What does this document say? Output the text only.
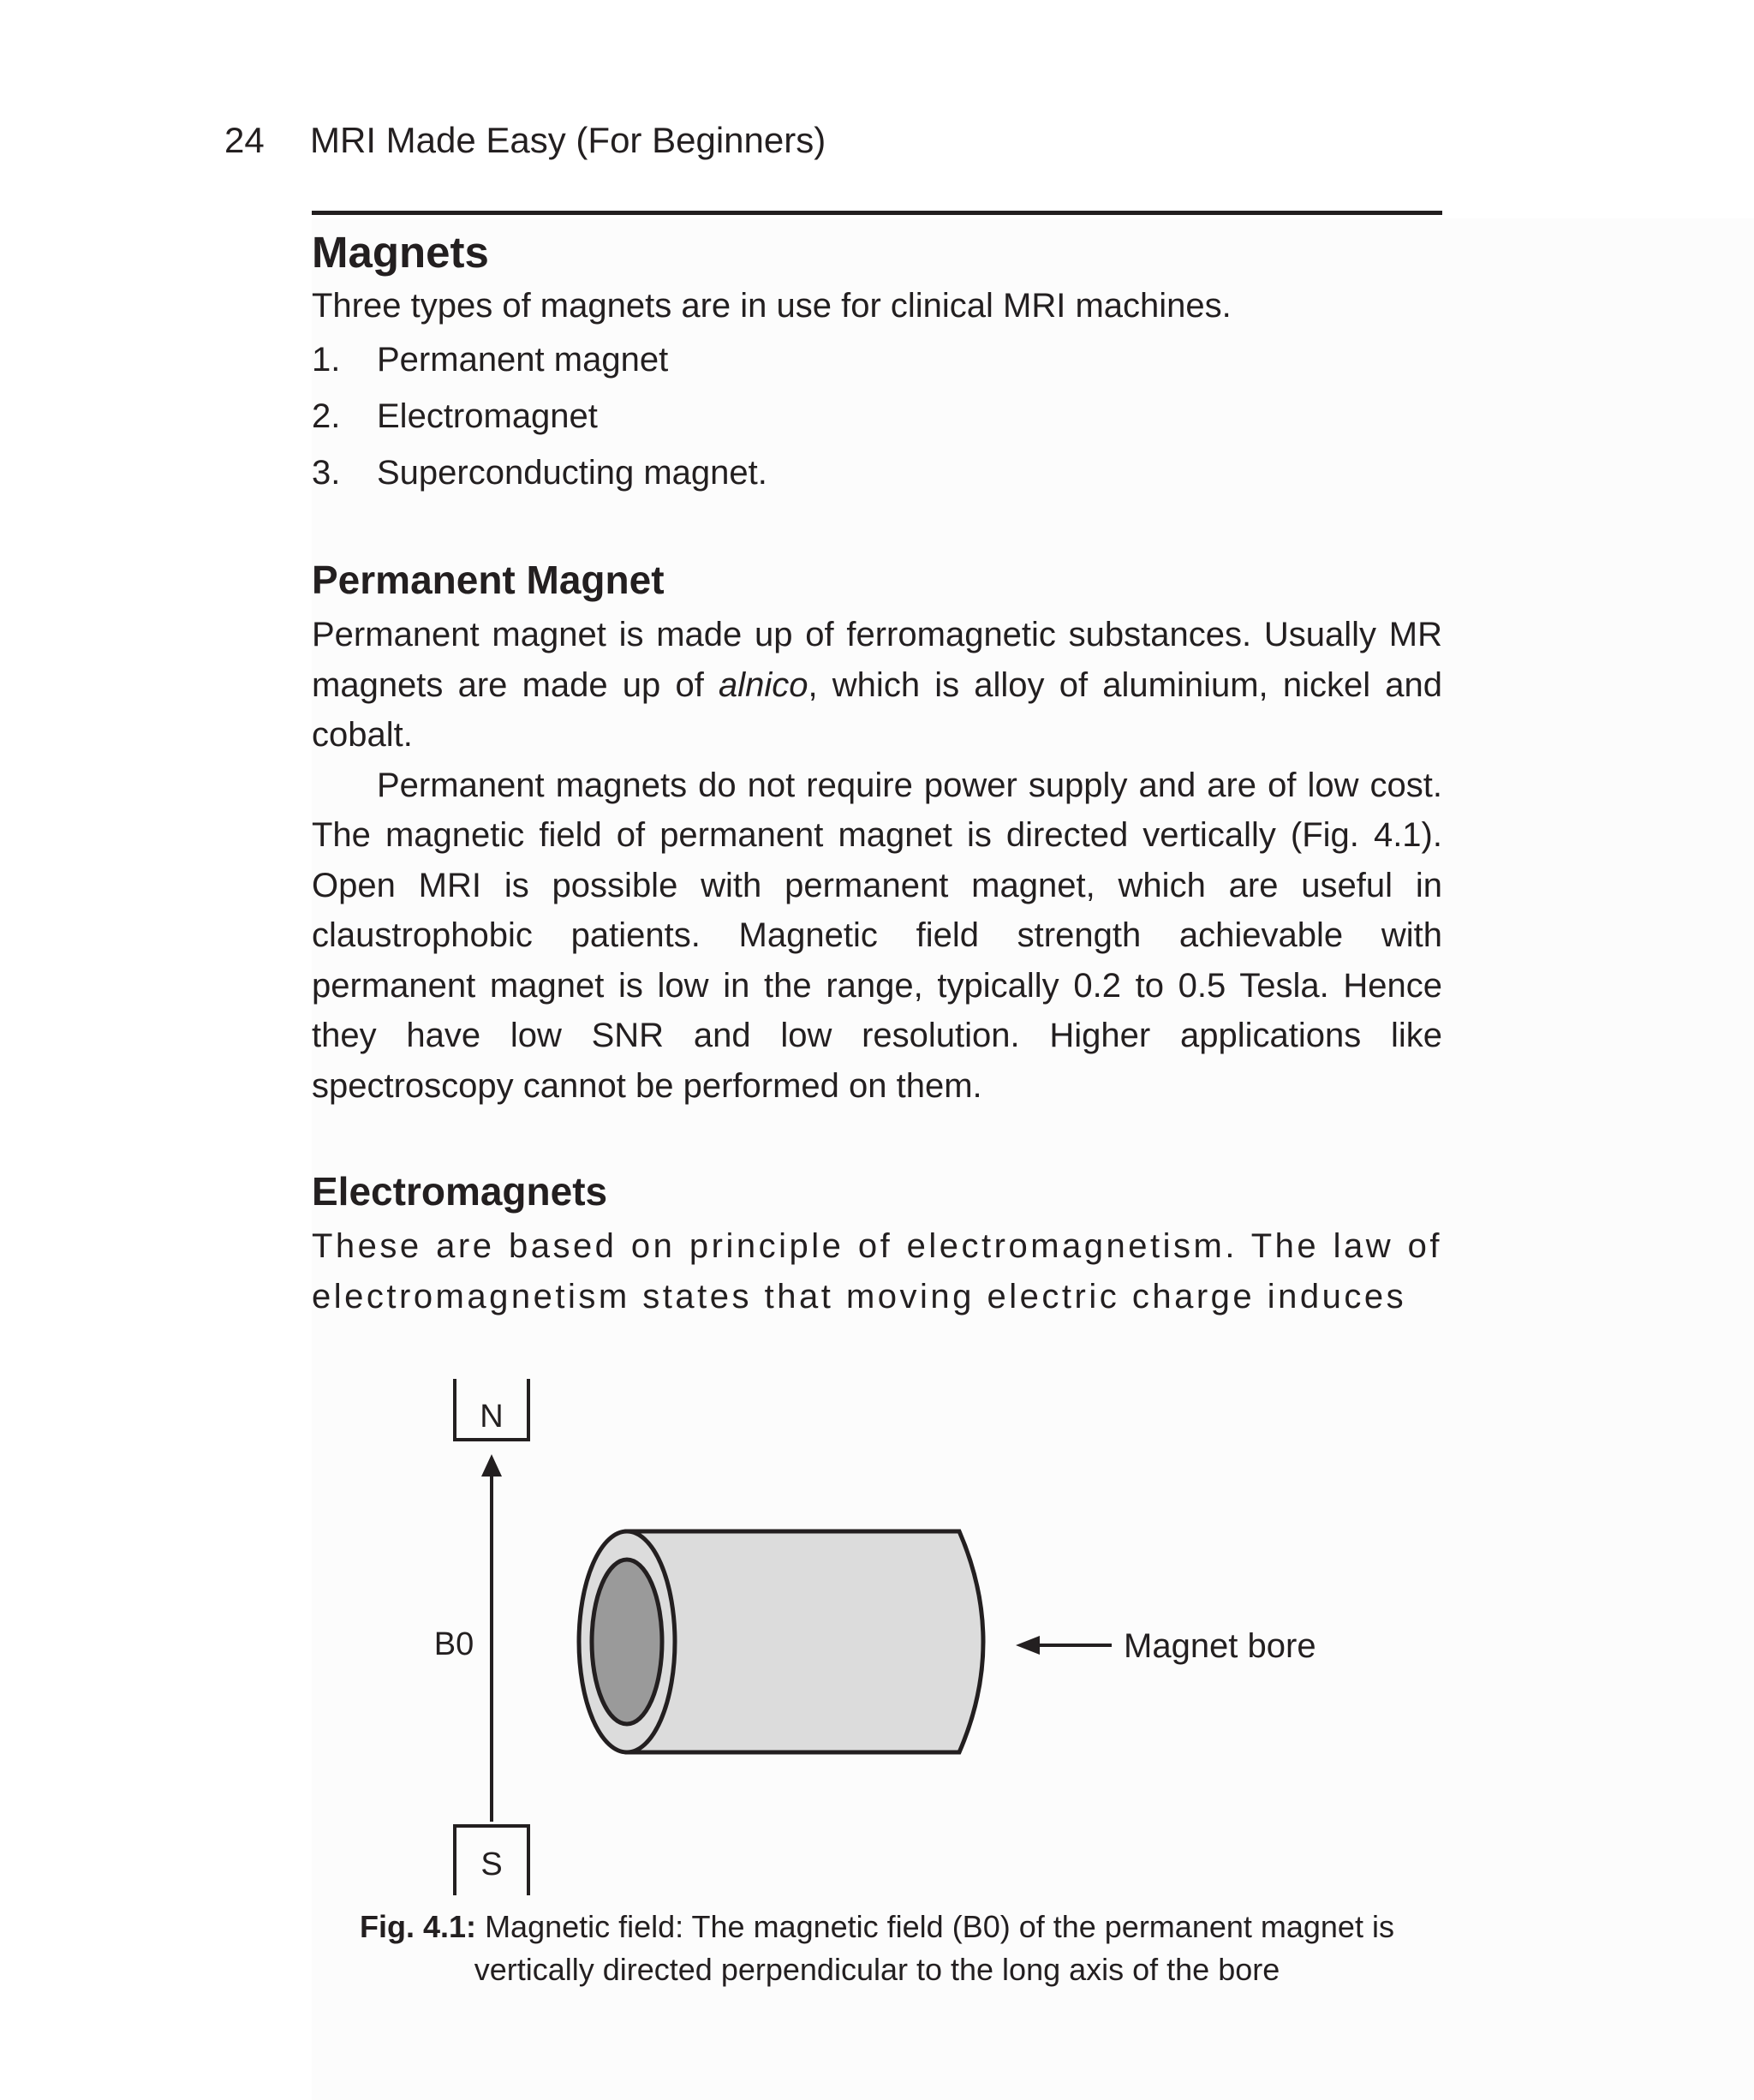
24 MRI Made Easy (For Beginners)
Magnets

Three types of magnets are in use for clinical MRI machines.

1. Permanent magnet
2. Electromagnet
3. Superconducting magnet.
Permanent Magnet

Permanent magnet is made up of ferromagnetic substances. Usually MR magnets are made up of alnico, which is alloy of aluminium, nickel and cobalt.

Permanent magnets do not require power supply and are of low cost. The magnetic field of permanent magnet is directed vertically (Fig. 4.1). Open MRI is possible with permanent magnet, which are useful in claustrophobic patients. Magnetic field strength achievable with permanent magnet is low in the range, typically 0.2 to 0.5 Tesla. Hence they have low SNR and low resolution. Higher applications like spectroscopy cannot be performed on them.

Electromagnets

These are based on principle of electromagnetism. The law of electromagnetism states that moving electric charge induces

N
B0
S
Magnet bore
Fig. 4.1: Magnetic field: The magnetic field (B0) of the permanent magnet is vertically directed perpendicular to the long axis of the bore
